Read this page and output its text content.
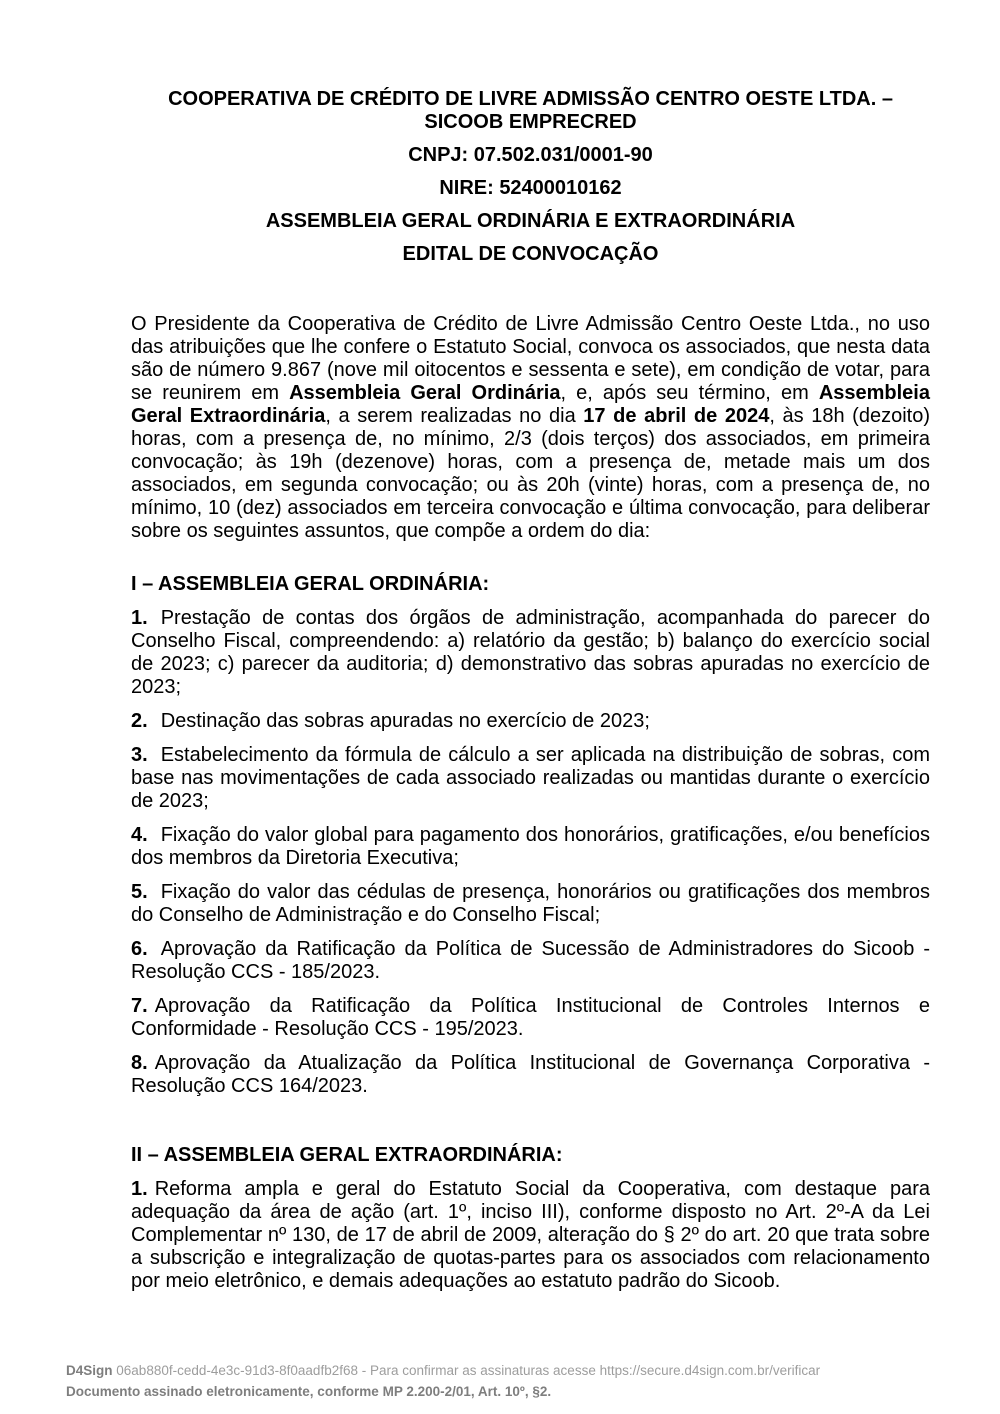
COOPERATIVA DE CRÉDITO DE LIVRE ADMISSÃO CENTRO OESTE LTDA. – SICOOB EMPRECRED

CNPJ: 07.502.031/0001-90

NIRE: 52400010162

ASSEMBLEIA GERAL ORDINÁRIA E EXTRAORDINÁRIA

EDITAL DE CONVOCAÇÃO

O Presidente da Cooperativa de Crédito de Livre Admissão Centro Oeste Ltda., no uso das atribuições que lhe confere o Estatuto Social, convoca os associados, que nesta data são de número 9.867 (nove mil oitocentos e sessenta e sete), em condição de votar, para se reunirem em Assembleia Geral Ordinária, e, após seu término, em Assembleia Geral Extraordinária, a serem realizadas no dia 17 de abril de 2024, às 18h (dezoito) horas, com a presença de, no mínimo, 2/3 (dois terços) dos associados, em primeira convocação; às 19h (dezenove) horas, com a presença de, metade mais um dos associados, em segunda convocação; ou às 20h (vinte) horas, com a presença de, no mínimo, 10 (dez) associados em terceira convocação e última convocação, para deliberar sobre os seguintes assuntos, que compõe a ordem do dia:

I – ASSEMBLEIA GERAL ORDINÁRIA:

1. Prestação de contas dos órgãos de administração, acompanhada do parecer do Conselho Fiscal, compreendendo: a) relatório da gestão; b) balanço do exercício social de 2023; c) parecer da auditoria; d) demonstrativo das sobras apuradas no exercício de 2023;

2. Destinação das sobras apuradas no exercício de 2023;

3. Estabelecimento da fórmula de cálculo a ser aplicada na distribuição de sobras, com base nas movimentações de cada associado realizadas ou mantidas durante o exercício de 2023;

4. Fixação do valor global para pagamento dos honorários, gratificações, e/ou benefícios dos membros da Diretoria Executiva;

5. Fixação do valor das cédulas de presença, honorários ou gratificações dos membros do Conselho de Administração e do Conselho Fiscal;

6. Aprovação da Ratificação da Política de Sucessão de Administradores do Sicoob - Resolução CCS - 185/2023.

7. Aprovação da Ratificação da Política Institucional de Controles Internos e Conformidade - Resolução CCS - 195/2023.

8. Aprovação da Atualização da Política Institucional de Governança Corporativa - Resolução CCS 164/2023.

II – ASSEMBLEIA GERAL EXTRAORDINÁRIA:

1. Reforma ampla e geral do Estatuto Social da Cooperativa, com destaque para adequação da área de ação (art. 1º, inciso III), conforme disposto no Art. 2º-A da Lei Complementar nº 130, de 17 de abril de 2009, alteração do § 2º do art. 20 que trata sobre a subscrição e integralização de quotas-partes para os associados com relacionamento por meio eletrônico, e demais adequações ao estatuto padrão do Sicoob.

D4Sign 06ab880f-cedd-4e3c-91d3-8f0aadfb2f68 - Para confirmar as assinaturas acesse https://secure.d4sign.com.br/verificar

Documento assinado eletronicamente, conforme MP 2.200-2/01, Art. 10º, §2.
